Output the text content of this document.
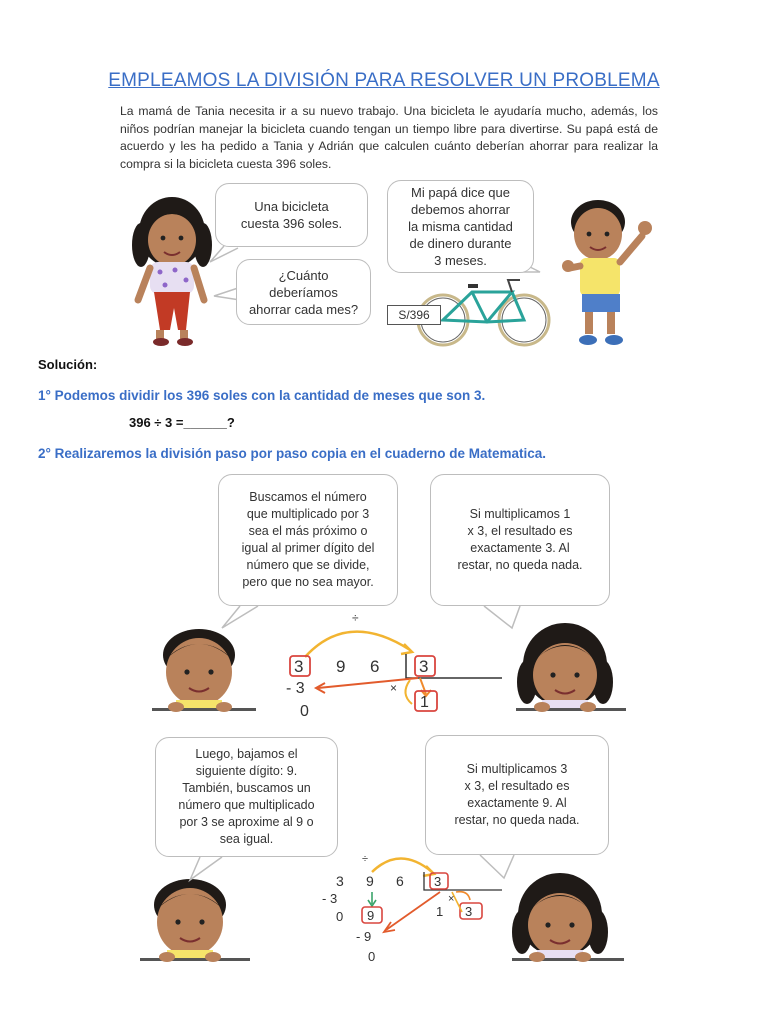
EMPLEAMOS LA DIVISIÓN PARA RESOLVER UN PROBLEMA
La mamá de Tania necesita ir a su nuevo trabajo. Una bicicleta le ayudaría mucho, además, los niños podrían manejar la bicicleta cuando tengan un tiempo libre para divertirse. Su papá está de acuerdo y les ha pedido a Tania y Adrián que calculen cuánto deberían ahorrar para realizar la compra si la bicicleta cuesta 396 soles.
÷
3 9 6 3
1
×
- 3
0
÷
3 9 6 3
- 3
0 9
- 9
0
1 3
×
Una bicicleta
cuesta 396 soles.
¿Cuánto
deberíamos
ahorrar cada mes?
Mi papá dice que
debemos ahorrar
la misma cantidad
de dinero durante
3 meses.
S/396
Solución:
1° Podemos dividir los 396 soles con la cantidad de meses que son 3.
396 ÷ 3 =______?
2° Realizaremos la división paso por paso copia en el cuaderno de Matematica.
Buscamos el número
que multiplicado por 3
sea el más próximo o
igual al primer dígito del
número que se divide,
pero que no sea mayor.
Si multiplicamos 1
x 3, el resultado es
exactamente 3. Al
restar, no queda nada.
Luego, bajamos el
siguiente dígito: 9.
También, buscamos un
número que multiplicado
por 3 se aproxime al 9 o
sea igual.
Si multiplicamos 3
x 3, el resultado es
exactamente 9. Al
restar, no queda nada.
